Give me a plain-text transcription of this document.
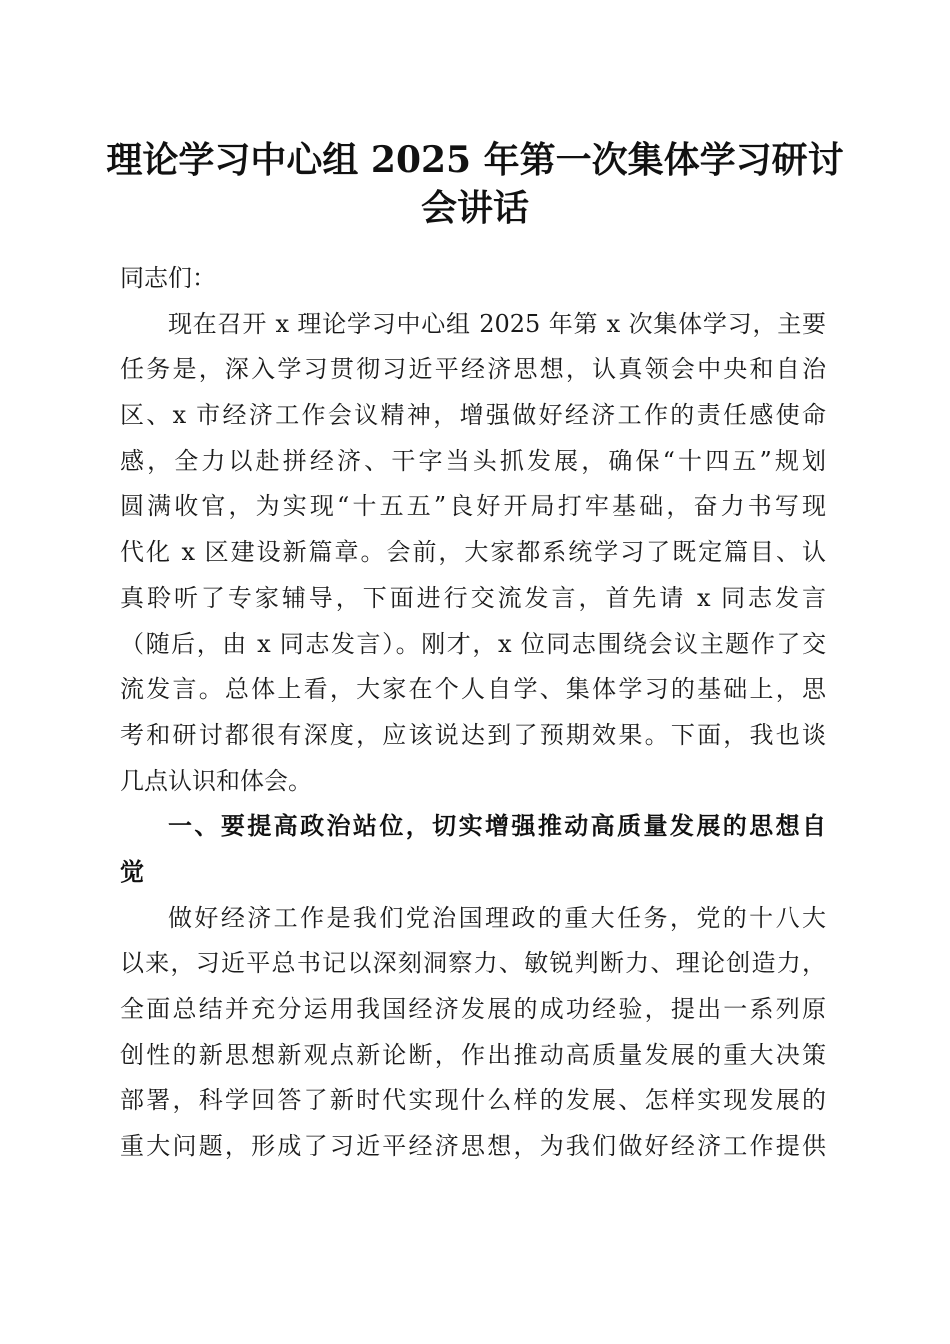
理论学习中心组 2025 年第一次集体学习研讨
会讲话
同志们：
现在召开 x 理论学习中心组 2025 年第 x 次集体学习，主要
任务是，深入学习贯彻习近平经济思想，认真领会中央和自治
区、x 市经济工作会议精神，增强做好经济工作的责任感使命
感，全力以赴拼经济、干字当头抓发展，确保“十四五”规划
圆满收官，为实现“十五五”良好开局打牢基础，奋力书写现
代化 x 区建设新篇章。会前，大家都系统学习了既定篇目、认
真聆听了专家辅导，下面进行交流发言，首先请 x 同志发言
（随后，由 x 同志发言）。刚才，x 位同志围绕会议主题作了交
流发言。总体上看，大家在个人自学、集体学习的基础上，思
考和研讨都很有深度，应该说达到了预期效果。下面，我也谈
几点认识和体会。
一、要提高政治站位，切实增强推动高质量发展的思想自
觉
做好经济工作是我们党治国理政的重大任务，党的十八大
以来，习近平总书记以深刻洞察力、敏锐判断力、理论创造力，
全面总结并充分运用我国经济发展的成功经验，提出一系列原
创性的新思想新观点新论断，作出推动高质量发展的重大决策
部署，科学回答了新时代实现什么样的发展、怎样实现发展的
重大问题，形成了习近平经济思想，为我们做好经济工作提供
